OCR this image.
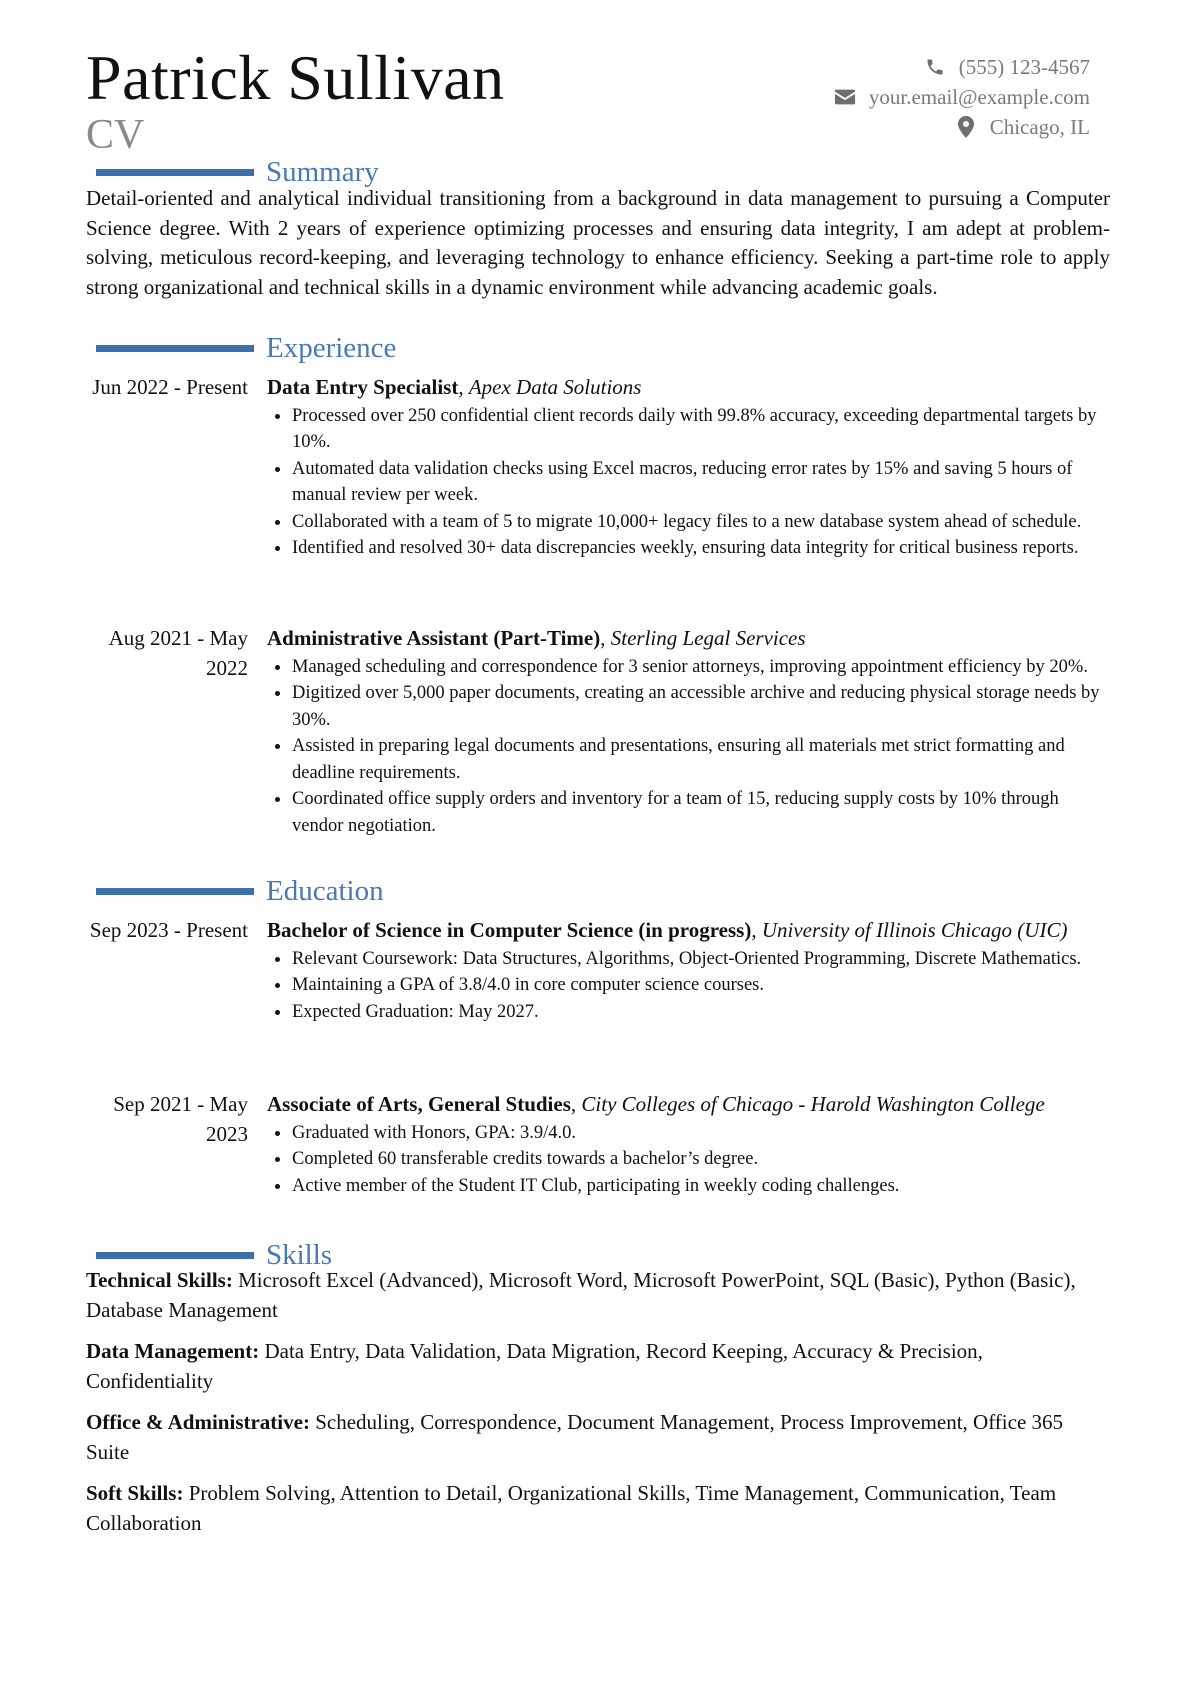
Patrick Sullivan
CV
(555) 123-4567
your.email@example.com
Chicago, IL
Summary
Detail-oriented and analytical individual transitioning from a background in data management to pursuing a Computer Science degree. With 2 years of experience optimizing processes and ensuring data integrity, I am adept at problem-solving, meticulous record-keeping, and leveraging technology to enhance efficiency. Seeking a part-time role to apply strong organizational and technical skills in a dynamic environment while advancing academic goals.
Experience
Jun 2022 - Present Data Entry Specialist, Apex Data Solutions
Processed over 250 confidential client records daily with 99.8% accuracy, exceeding departmental targets by 10%.
Automated data validation checks using Excel macros, reducing error rates by 15% and saving 5 hours of manual review per week.
Collaborated with a team of 5 to migrate 10,000+ legacy files to a new database system ahead of schedule.
Identified and resolved 30+ data discrepancies weekly, ensuring data integrity for critical business reports.
Aug 2021 - May 2022
Administrative Assistant (Part-Time), Sterling Legal Services
Managed scheduling and correspondence for 3 senior attorneys, improving appointment efficiency by 20%.
Digitized over 5,000 paper documents, creating an accessible archive and reducing physical storage needs by 30%.
Assisted in preparing legal documents and presentations, ensuring all materials met strict formatting and deadline requirements.
Coordinated office supply orders and inventory for a team of 15, reducing supply costs by 10% through vendor negotiation.
Education
Sep 2023 - Present Bachelor of Science in Computer Science (in progress), University of Illinois Chicago (UIC)
Relevant Coursework: Data Structures, Algorithms, Object-Oriented Programming, Discrete Mathematics.
Maintaining a GPA of 3.8/4.0 in core computer science courses.
Expected Graduation: May 2027.
Sep 2021 - May 2023
Associate of Arts, General Studies, City Colleges of Chicago - Harold Washington College
Graduated with Honors, GPA: 3.9/4.0.
Completed 60 transferable credits towards a bachelor’s degree.
Active member of the Student IT Club, participating in weekly coding challenges.
Skills
Technical Skills: Microsoft Excel (Advanced), Microsoft Word, Microsoft PowerPoint, SQL (Basic), Python (Basic), Database Management
Data Management: Data Entry, Data Validation, Data Migration, Record Keeping, Accuracy & Precision, Confidentiality
Office & Administrative: Scheduling, Correspondence, Document Management, Process Improvement, Office 365 Suite
Soft Skills: Problem Solving, Attention to Detail, Organizational Skills, Time Management, Communication, Team Collaboration
